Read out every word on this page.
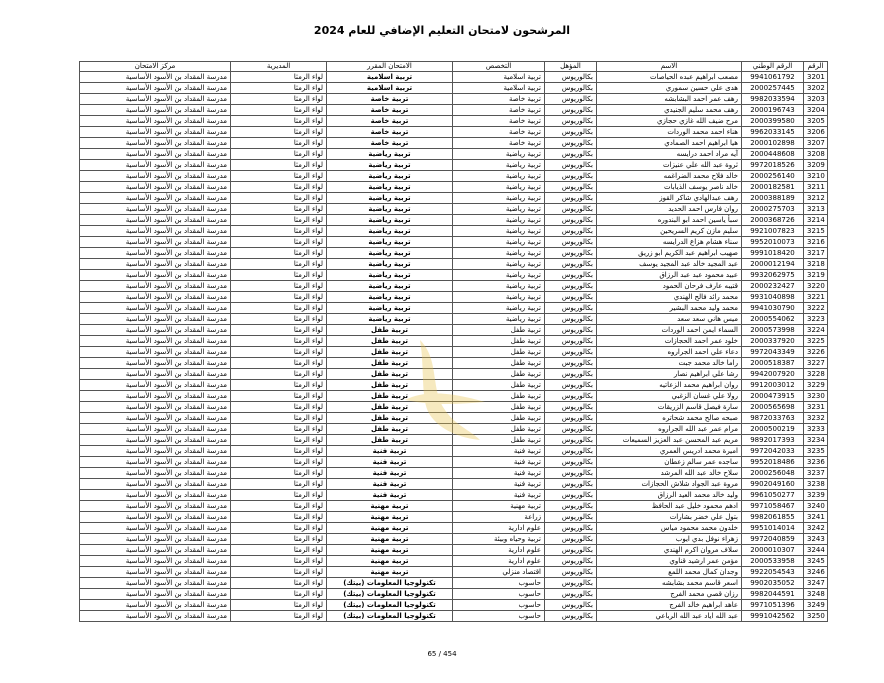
المرشحون لامتحان التعليم الإضافي للعام 2024
الرقم	الرقم الوطني	الاسم	المؤهل	التخصص	الامتحان المقرر	المديرية	مركز الامتحان
3201	9941061792	مصعب ابراهيم عبده الحياصات	بكالوريوس	تربية اسلامية	تربية اسلامية	لواء الرمثا	مدرسة المقداد بن الأسود الأساسية
3202	2000257445	هدى علي حسين سموري	بكالوريوس	تربية اسلامية	تربية اسلامية	لواء الرمثا	مدرسة المقداد بن الأسود الأساسية
3203	9982033594	رهف عمر احمد البشابشه	بكالوريوس	تربية خاصة	تربية خاصة	لواء الرمثا	مدرسة المقداد بن الأسود الأساسية
3204	2000196743	رهف محمد سليم الجنيدي	بكالوريوس	تربية خاصة	تربية خاصة	لواء الرمثا	مدرسة المقداد بن الأسود الأساسية
3205	2000399580	مرح ضيف الله غازي حجازي	بكالوريوس	تربية خاصة	تربية خاصة	لواء الرمثا	مدرسة المقداد بن الأسود الأساسية
3206	9962033145	هناء احمد محمد الوردات	بكالوريوس	تربية خاصة	تربية خاصة	لواء الرمثا	مدرسة المقداد بن الأسود الأساسية
3207	2000102898	هيا ابراهيم احمد الصمادي	بكالوريوس	تربية خاصة	تربية خاصة	لواء الرمثا	مدرسة المقداد بن الأسود الأساسية
3208	2000448608	آيه مراد احمد درايسه	بكالوريوس	تربية رياضية	تربية رياضية	لواء الرمثا	مدرسة المقداد بن الأسود الأساسية
3209	9972018526	ثروة عبد الله علي عنيزات	بكالوريوس	تربية رياضية	تربية رياضية	لواء الرمثا	مدرسة المقداد بن الأسود الأساسية
3210	2000256140	خالد فلاح محمد الضراغمه	بكالوريوس	تربية رياضية	تربية رياضية	لواء الرمثا	مدرسة المقداد بن الأسود الأساسية
3211	2000182581	خالد ناصر يوسف الذيابات	بكالوريوس	تربية رياضية	تربية رياضية	لواء الرمثا	مدرسة المقداد بن الأسود الأساسية
3212	2000388189	رهف عبدالهادي شاكر القوز	بكالوريوس	تربية رياضية	تربية رياضية	لواء الرمثا	مدرسة المقداد بن الأسود الأساسية
3213	2000275703	روان فارس احمد الحديد	بكالوريوس	تربية رياضية	تربية رياضية	لواء الرمثا	مدرسة المقداد بن الأسود الأساسية
3214	2000368726	سبأ ياسين احمد ابو البندوره	بكالوريوس	تربية رياضية	تربية رياضية	لواء الرمثا	مدرسة المقداد بن الأسود الأساسية
3215	9921007823	سليم مازن كريم السريحين	بكالوريوس	تربية رياضية	تربية رياضية	لواء الرمثا	مدرسة المقداد بن الأسود الأساسية
3216	9952010073	سناء هشام هزاع الدرايسه	بكالوريوس	تربية رياضية	تربية رياضية	لواء الرمثا	مدرسة المقداد بن الأسود الأساسية
3217	9991018420	صهيب ابراهيم عبد الكريم ابو زريق	بكالوريوس	تربية رياضية	تربية رياضية	لواء الرمثا	مدرسة المقداد بن الأسود الأساسية
3218	2000012194	عبد المجيد خالد عبد المجيد يوسف	بكالوريوس	تربية رياضية	تربية رياضية	لواء الرمثا	مدرسة المقداد بن الأسود الأساسية
3219	9932062975	عبيد محمود عبد عبد الرزاق	بكالوريوس	تربية رياضية	تربية رياضية	لواء الرمثا	مدرسة المقداد بن الأسود الأساسية
3220	2000232427	قتيبه عارف فرحان الحمود	بكالوريوس	تربية رياضية	تربية رياضية	لواء الرمثا	مدرسة المقداد بن الأسود الأساسية
3221	9931040898	محمد رائد فالح الهندي	بكالوريوس	تربية رياضية	تربية رياضية	لواء الرمثا	مدرسة المقداد بن الأسود الأساسية
3222	9941030790	محمد وليد محمد البشير	بكالوريوس	تربية رياضية	تربية رياضية	لواء الرمثا	مدرسة المقداد بن الأسود الأساسية
3223	2000554062	ميس هاني سعد سعد	بكالوريوس	تربية رياضية	تربية رياضية	لواء الرمثا	مدرسة المقداد بن الأسود الأساسية
3224	2000573998	السماء ايمن احمد الوردات	بكالوريوس	تربية طفل	تربية طفل	لواء الرمثا	مدرسة المقداد بن الأسود الأساسية
3225	2000337920	خلود عمر احمد الحجازات	بكالوريوس	تربية طفل	تربية طفل	لواء الرمثا	مدرسة المقداد بن الأسود الأساسية
3226	9972043349	دعاء علي احمد الجراروه	بكالوريوس	تربية طفل	تربية طفل	لواء الرمثا	مدرسة المقداد بن الأسود الأساسية
3227	2000518387	راما خالد محمد جبت	بكالوريوس	تربية طفل	تربية طفل	لواء الرمثا	مدرسة المقداد بن الأسود الأساسية
3228	9942007920	رشا علي ابراهيم نصار	بكالوريوس	تربية طفل	تربية طفل	لواء الرمثا	مدرسة المقداد بن الأسود الأساسية
3229	9912003012	روان ابراهيم محمد الزعاتيه	بكالوريوس	تربية طفل	تربية طفل	لواء الرمثا	مدرسة المقداد بن الأسود الأساسية
3230	2000473915	رولا علي غسان الزغبي	بكالوريوس	تربية طفل	تربية طفل	لواء الرمثا	مدرسة المقداد بن الأسود الأساسية
3231	2000565698	سارة فيصل قاسم الزريقات	بكالوريوس	تربية طفل	تربية طفل	لواء الرمثا	مدرسة المقداد بن الأسود الأساسية
3232	9872033763	صبحه صالح محمد شحاتره	بكالوريوس	تربية طفل	تربية طفل	لواء الرمثا	مدرسة المقداد بن الأسود الأساسية
3233	2000500219	مرام عمر عبد الله الجراروه	بكالوريوس	تربية طفل	تربية طفل	لواء الرمثا	مدرسة المقداد بن الأسود الأساسية
3234	9892017393	مريم عبد المحسن عبد العزيز السميعات	بكالوريوس	تربية طفل	تربية طفل	لواء الرمثا	مدرسة المقداد بن الأسود الأساسية
3235	9972042033	اميرة محمد ادريس العمري	بكالوريوس	تربية فنية	تربية فنية	لواء الرمثا	مدرسة المقداد بن الأسود الأساسية
3236	9952018486	ساجده عمر سالم زعطان	بكالوريوس	تربية فنية	تربية فنية	لواء الرمثا	مدرسة المقداد بن الأسود الأساسية
3237	2000256048	سلاح خالد عبد الله المرشد	بكالوريوس	تربية فنية	تربية فنية	لواء الرمثا	مدرسة المقداد بن الأسود الأساسية
3238	9902049160	مروة عبد الجواد شلاش الحجازات	بكالوريوس	تربية فنية	تربية فنية	لواء الرمثا	مدرسة المقداد بن الأسود الأساسية
3239	9961050277	وليد خالد محمد العيد الرزاق	بكالوريوس	تربية فنية	تربية فنية	لواء الرمثا	مدرسة المقداد بن الأسود الأساسية
3240	9971058467	ادهم محمود خليل عبد الحافظ	بكالوريوس	تربية مهنية	تربية مهنية	لواء الرمثا	مدرسة المقداد بن الأسود الأساسية
3241	9982061855	بتول علي خضر بشارات	بكالوريوس	زراعة	تربية مهنية	لواء الرمثا	مدرسة المقداد بن الأسود الأساسية
3242	9951014014	خلدون محمد محمود مياس	بكالوريوس	علوم ادارية	تربية مهنية	لواء الرمثا	مدرسة المقداد بن الأسود الأساسية
3243	9972040859	زهراء نوفل بدي ايوب	بكالوريوس	تربية وحياه وبيئة	تربية مهنية	لواء الرمثا	مدرسة المقداد بن الأسود الأساسية
3244	2000010307	سلاف مروان اكرم الهندي	بكالوريوس	علوم ادارية	تربية مهنية	لواء الرمثا	مدرسة المقداد بن الأسود الأساسية
3245	2000533958	مؤمن عمر ارشيد قناوي	بكالوريوس	علوم ادارية	تربية مهنية	لواء الرمثا	مدرسة المقداد بن الأسود الأساسية
3246	9922054543	وجدان كمال محمد اللمع	بكالوريوس	اقتصاد منزلي	تربية مهنية	لواء الرمثا	مدرسة المقداد بن الأسود الأساسية
3247	9902035052	اسعر قاسم محمد بشابشه	بكالوريوس	حاسوب	تكنولوجيا المعلومات (بيتك)	لواء الرمثا	مدرسة المقداد بن الأسود الأساسية
3248	9982044591	رزان قصي محمد الفرج	بكالوريوس	حاسوب	تكنولوجيا المعلومات (بيتك)	لواء الرمثا	مدرسة المقداد بن الأسود الأساسية
3249	9971051396	عاهد ابراهيم خالد الفرج	بكالوريوس	حاسوب	تكنولوجيا المعلومات (بيتك)	لواء الرمثا	مدرسة المقداد بن الأسود الأساسية
3250	9991042562	عبد الله اياد عبد الله الرباعي	بكالوريوس	حاسوب	تكنولوجيا المعلومات (بيتك)	لواء الرمثا	مدرسة المقداد بن الأسود الأساسية
65 / 454
